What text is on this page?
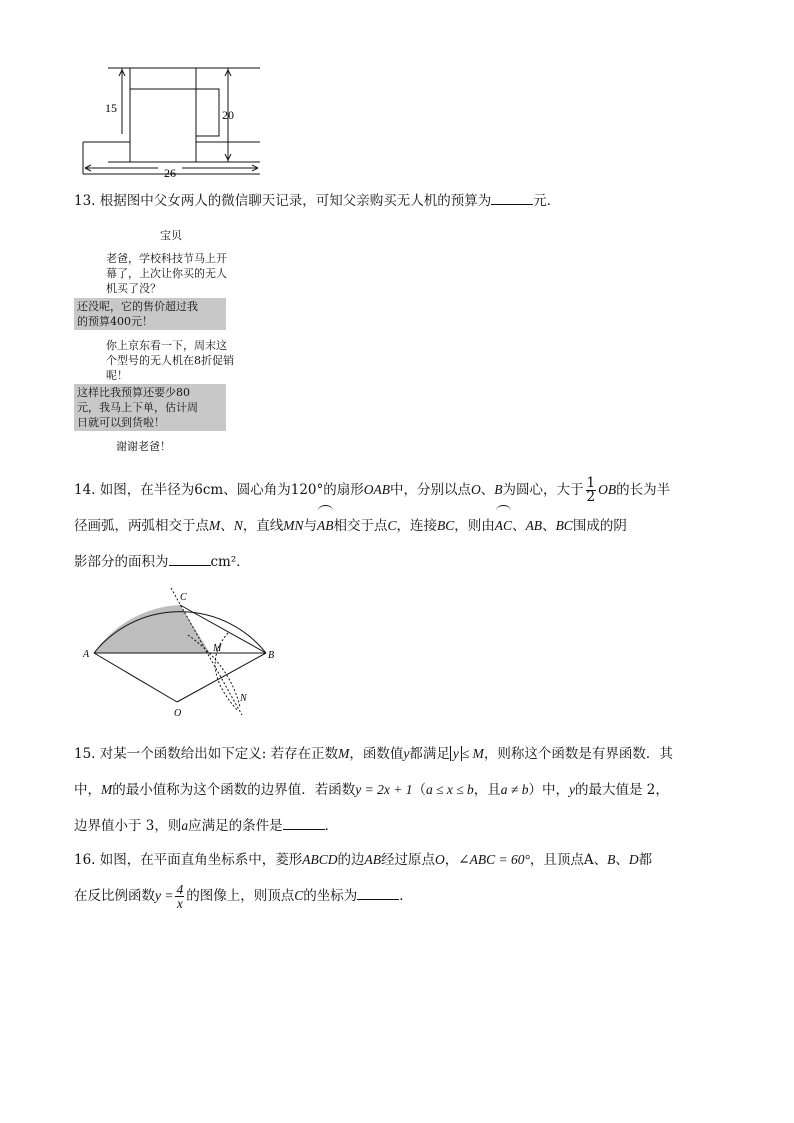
15	20
26
13. 根据图中父女两人的微信聊天记录，可知父亲购买无人机的预算为	元．
宝贝
老爸，学校科技节马上开
幕了，上次让你买的无人
机买了没？
还没呢，它的售价超过我
的预算400元！
你上京东看一下，周末这
个型号的无人机在8折促销
呢！
这样比我预算还要少80
元，我马上下单，估计周
日就可以到货啦！
谢谢老爸！
14. 如图，在半径为6cm、圆心角为120°的扇形OAB中，分别以点O、B为圆心，大于 $\frac{1}{2}$ OB的长为半
径画弧，两弧相交于点M、N，直线MN与AB相交于点C，连接BC，则由AC、AB、BC围成的阴
影部分的面积为	cm²．
A	B
C
M
N
O
15. 对某一个函数给出如下定义: 若存在正数M，函数值y都满足 y ≤ M，则称这个函数是有界函数．其
中，M的最小值称为这个函数的边界值．若函数y = 2x + 1（a ≤ x ≤ b，且a ≠ b）中，y的最大值是 2，
边界值小于 3，则a应满足的条件是	．
16. 如图，在平面直角坐标系中，菱形ABCD的边AB经过原点O，∠ABC = 60°，且顶点A、B、D都
在反比例函数$y = \frac{4}{x}$ 的图像上，则顶点C的坐标为	．
